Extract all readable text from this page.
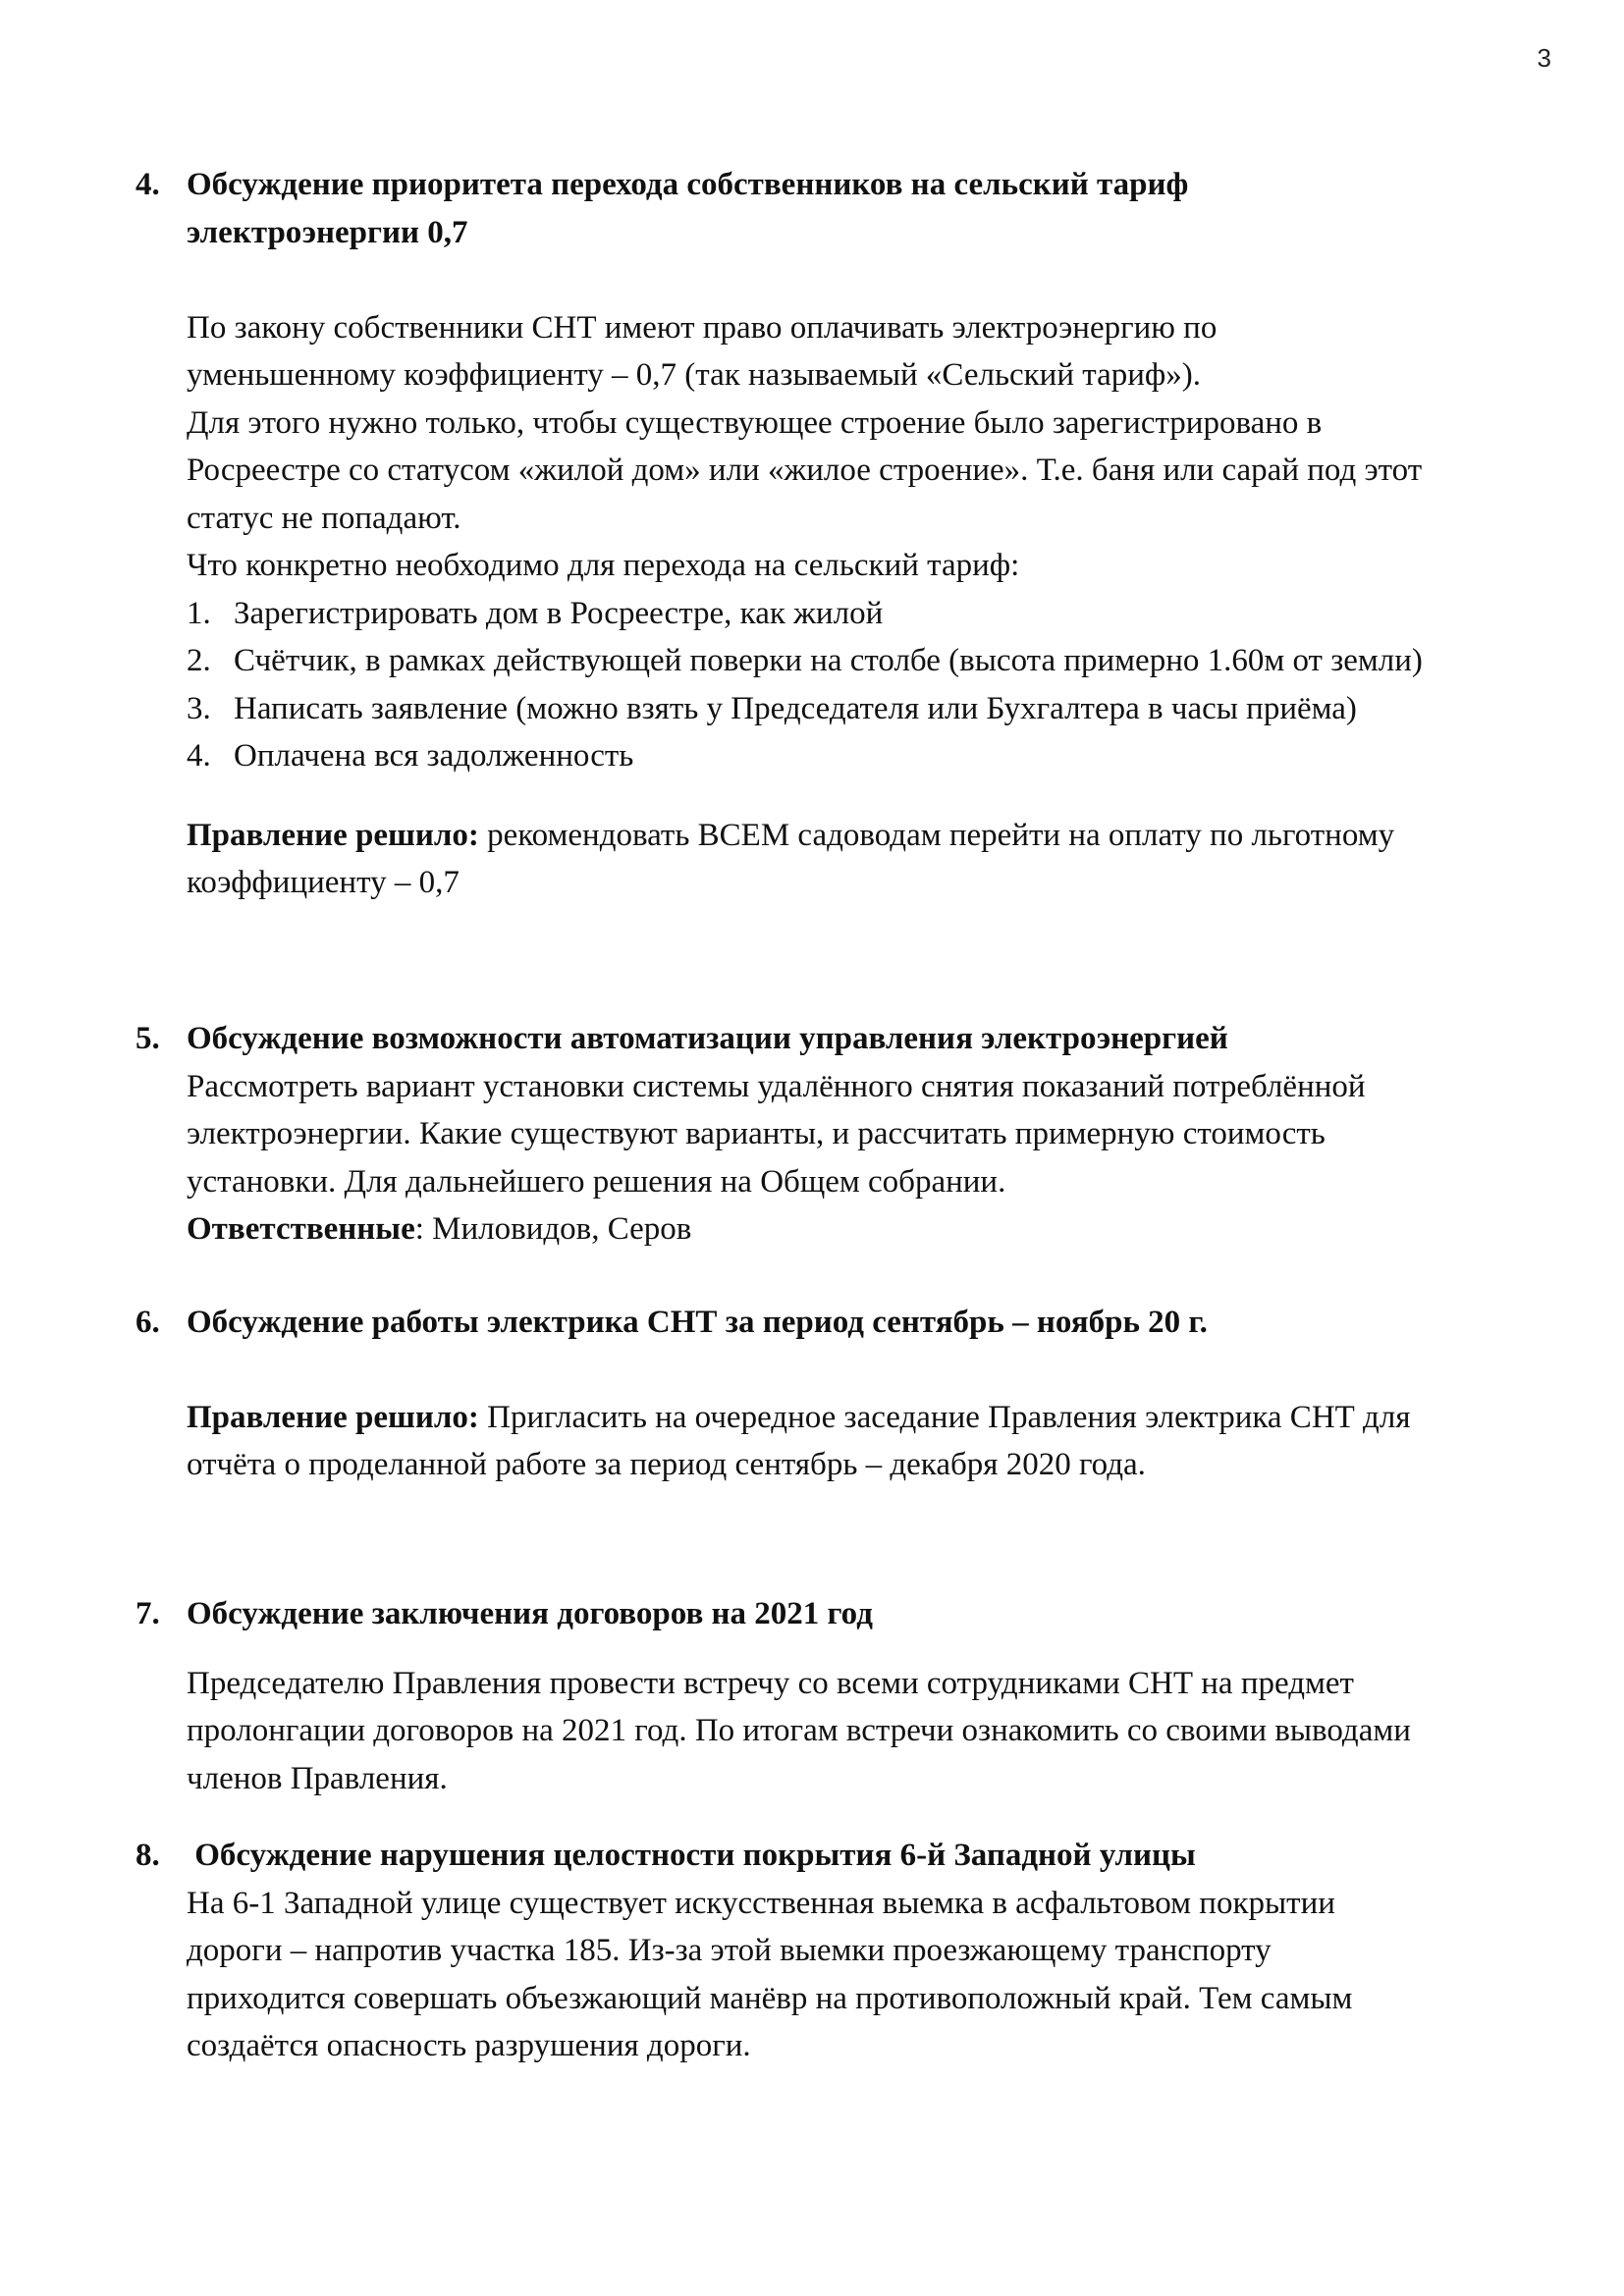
3
4. Обсуждение приоритета перехода собственников на сельский тариф
электроэнергии 0,7
По закону собственники СНТ имеют право оплачивать электроэнергию по
уменьшенному коэффициенту – 0,7 (так называемый «Сельский тариф»).
Для этого нужно только, чтобы существующее строение было зарегистрировано в
Росреестре со статусом «жилой дом» или «жилое строение». Т.е. баня или сарай под этот
статус не попадают.
Что конкретно необходимо для перехода на сельский тариф:
1. Зарегистрировать дом в Росреестре, как жилой
2. Счётчик, в рамках действующей поверки на столбе (высота примерно 1.60м от земли)
3. Написать заявление (можно взять у Председателя или Бухгалтера в часы приёма)
4. Оплачена вся задолженность
Правление решило: рекомендовать ВСЕМ садоводам перейти на оплату по льготному
коэффициенту – 0,7
5. Обсуждение возможности автоматизации управления электроэнергией
Рассмотреть вариант установки системы удалённого снятия показаний потреблённой
электроэнергии. Какие существуют варианты, и рассчитать примерную стоимость
установки. Для дальнейшего решения на Общем собрании.
Ответственные: Миловидов, Серов
6. Обсуждение работы электрика СНТ за период сентябрь – ноябрь 20 г.
Правление решило: Пригласить на очередное заседание Правления электрика СНТ для
отчёта о проделанной работе за период сентябрь – декабря 2020 года.
7. Обсуждение заключения договоров на 2021 год
Председателю Правления провести встречу со всеми сотрудниками СНТ на предмет
пролонгации договоров на 2021 год. По итогам встречи ознакомить со своими выводами
членов Правления.
8. Обсуждение нарушения целостности покрытия 6-й Западной улицы
На 6-1 Западной улице существует искусственная выемка в асфальтовом покрытии
дороги – напротив участка 185. Из-за этой выемки проезжающему транспорту
приходится совершать объезжающий манёвр на противоположный край. Тем самым
создаётся опасность разрушения дороги.
